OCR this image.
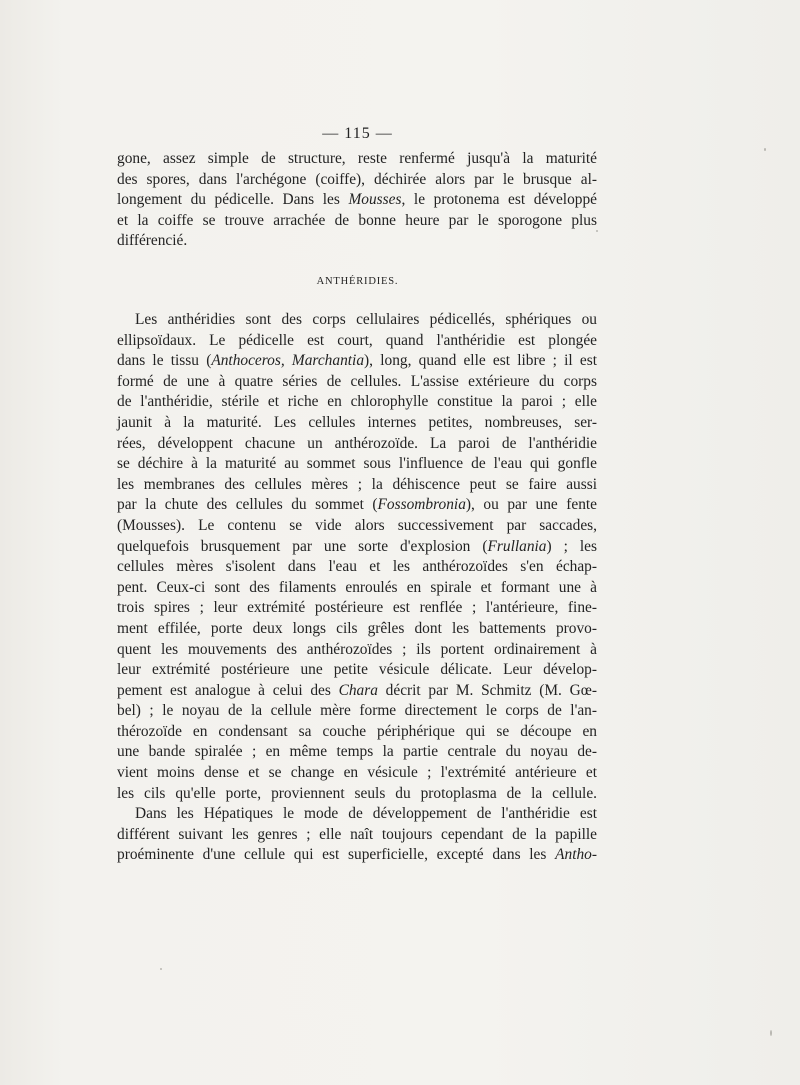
— 115 —
gone, assez simple de structure, reste renfermé jusqu'à la maturité
des spores, dans l'archégone (coiffe), déchirée alors par le brusque al-
longement du pédicelle. Dans les Mousses, le protonema est développé
et la coiffe se trouve arrachée de bonne heure par le sporogone plus
différencié.
ANTHÉRIDIES.
Les anthéridies sont des corps cellulaires pédicellés, sphériques ou
ellipsoïdaux. Le pédicelle est court, quand l'anthéridie est plongée
dans le tissu (Anthoceros, Marchantia), long, quand elle est libre ; il est
formé de une à quatre séries de cellules. L'assise extérieure du corps
de l'anthéridie, stérile et riche en chlorophylle constitue la paroi ; elle
jaunit à la maturité. Les cellules internes petites, nombreuses, ser-
rées, développent chacune un anthérozoïde. La paroi de l'anthéridie
se déchire à la maturité au sommet sous l'influence de l'eau qui gonfle
les membranes des cellules mères ; la déhiscence peut se faire aussi
par la chute des cellules du sommet (Fossombronia), ou par une fente
(Mousses). Le contenu se vide alors successivement par saccades,
quelquefois brusquement par une sorte d'explosion (Frullania) ; les
cellules mères s'isolent dans l'eau et les anthérozoïdes s'en échap-
pent. Ceux-ci sont des filaments enroulés en spirale et formant une à
trois spires ; leur extrémité postérieure est renflée ; l'antérieure, fine-
ment effilée, porte deux longs cils grêles dont les battements provo-
quent les mouvements des anthérozoïdes ; ils portent ordinairement à
leur extrémité postérieure une petite vésicule délicate. Leur dévelop-
pement est analogue à celui des Chara décrit par M. Schmitz (M. Gœ-
bel) ; le noyau de la cellule mère forme directement le corps de l'an-
thérozoïde en condensant sa couche périphérique qui se découpe en
une bande spiralée ; en même temps la partie centrale du noyau de-
vient moins dense et se change en vésicule ; l'extrémité antérieure et
les cils qu'elle porte, proviennent seuls du protoplasma de la cellule.
Dans les Hépatiques le mode de développement de l'anthéridie est
différent suivant les genres ; elle naît toujours cependant de la papille
proéminente d'une cellule qui est superficielle, excepté dans les Antho-
